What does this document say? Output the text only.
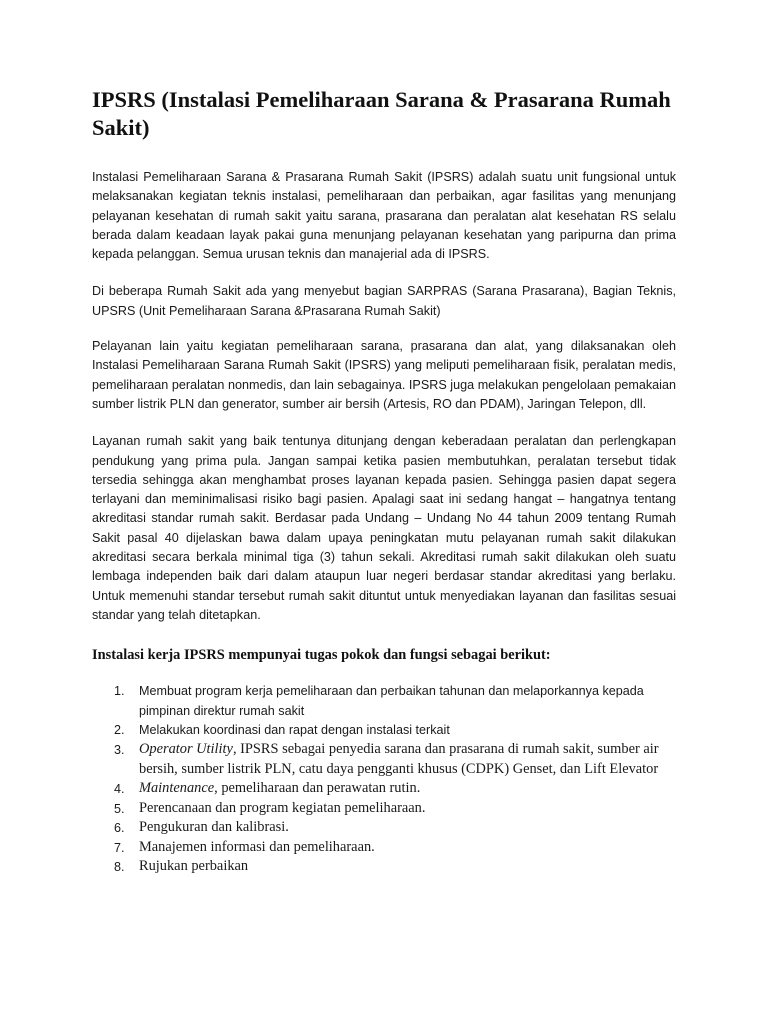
IPSRS (Instalasi Pemeliharaan Sarana & Prasarana Rumah Sakit)

Instalasi Pemeliharaan Sarana & Prasarana Rumah Sakit (IPSRS) adalah suatu unit fungsional untuk melaksanakan kegiatan teknis instalasi, pemeliharaan dan perbaikan, agar fasilitas yang menunjang pelayanan kesehatan di rumah sakit yaitu sarana, prasarana dan peralatan alat kesehatan RS selalu berada dalam keadaan layak pakai guna menunjang pelayanan kesehatan yang paripurna dan prima kepada pelanggan. Semua urusan teknis dan manajerial ada di IPSRS.

Di beberapa Rumah Sakit ada yang menyebut bagian SARPRAS (Sarana Prasarana), Bagian Teknis, UPSRS (Unit Pemeliharaan Sarana &Prasarana Rumah Sakit)

Pelayanan lain yaitu kegiatan pemeliharaan sarana, prasarana dan alat, yang dilaksanakan oleh Instalasi Pemeliharaan Sarana Rumah Sakit (IPSRS) yang meliputi pemeliharaan fisik, peralatan medis, pemeliharaan peralatan nonmedis, dan lain sebagainya. IPSRS juga melakukan pengelolaan pemakaian sumber listrik PLN dan generator, sumber air bersih (Artesis, RO dan PDAM), Jaringan Telepon, dll.

Layanan rumah sakit yang baik tentunya ditunjang dengan keberadaan peralatan dan perlengkapan pendukung yang prima pula. Jangan sampai ketika pasien membutuhkan, peralatan tersebut tidak tersedia sehingga akan menghambat proses layanan kepada pasien. Sehingga pasien dapat segera terlayani dan meminimalisasi risiko bagi pasien. Apalagi saat ini sedang hangat – hangatnya tentang akreditasi standar rumah sakit. Berdasar pada Undang – Undang No 44 tahun 2009 tentang Rumah Sakit pasal 40 dijelaskan bawa dalam upaya peningkatan mutu pelayanan rumah sakit dilakukan akreditasi secara berkala minimal tiga (3) tahun sekali. Akreditasi rumah sakit dilakukan oleh suatu lembaga independen baik dari dalam ataupun luar negeri berdasar standar akreditasi yang berlaku. Untuk memenuhi standar tersebut rumah sakit dituntut untuk menyediakan layanan dan fasilitas sesuai standar yang telah ditetapkan.

Instalasi kerja IPSRS mempunyai tugas pokok dan fungsi sebagai berikut:
1. Membuat program kerja pemeliharaan dan perbaikan tahunan dan melaporkannya kepada pimpinan direktur rumah sakit
2. Melakukan koordinasi dan rapat dengan instalasi terkait
3. Operator Utility, IPSRS sebagai penyedia sarana dan prasarana di rumah sakit, sumber air bersih, sumber listrik PLN, catu daya pengganti khusus (CDPK) Genset, dan Lift Elevator
4. Maintenance, pemeliharaan dan perawatan rutin.
5. Perencanaan dan program kegiatan pemeliharaan.
6. Pengukuran dan kalibrasi.
7. Manajemen informasi dan pemeliharaan.
8. Rujukan perbaikan
